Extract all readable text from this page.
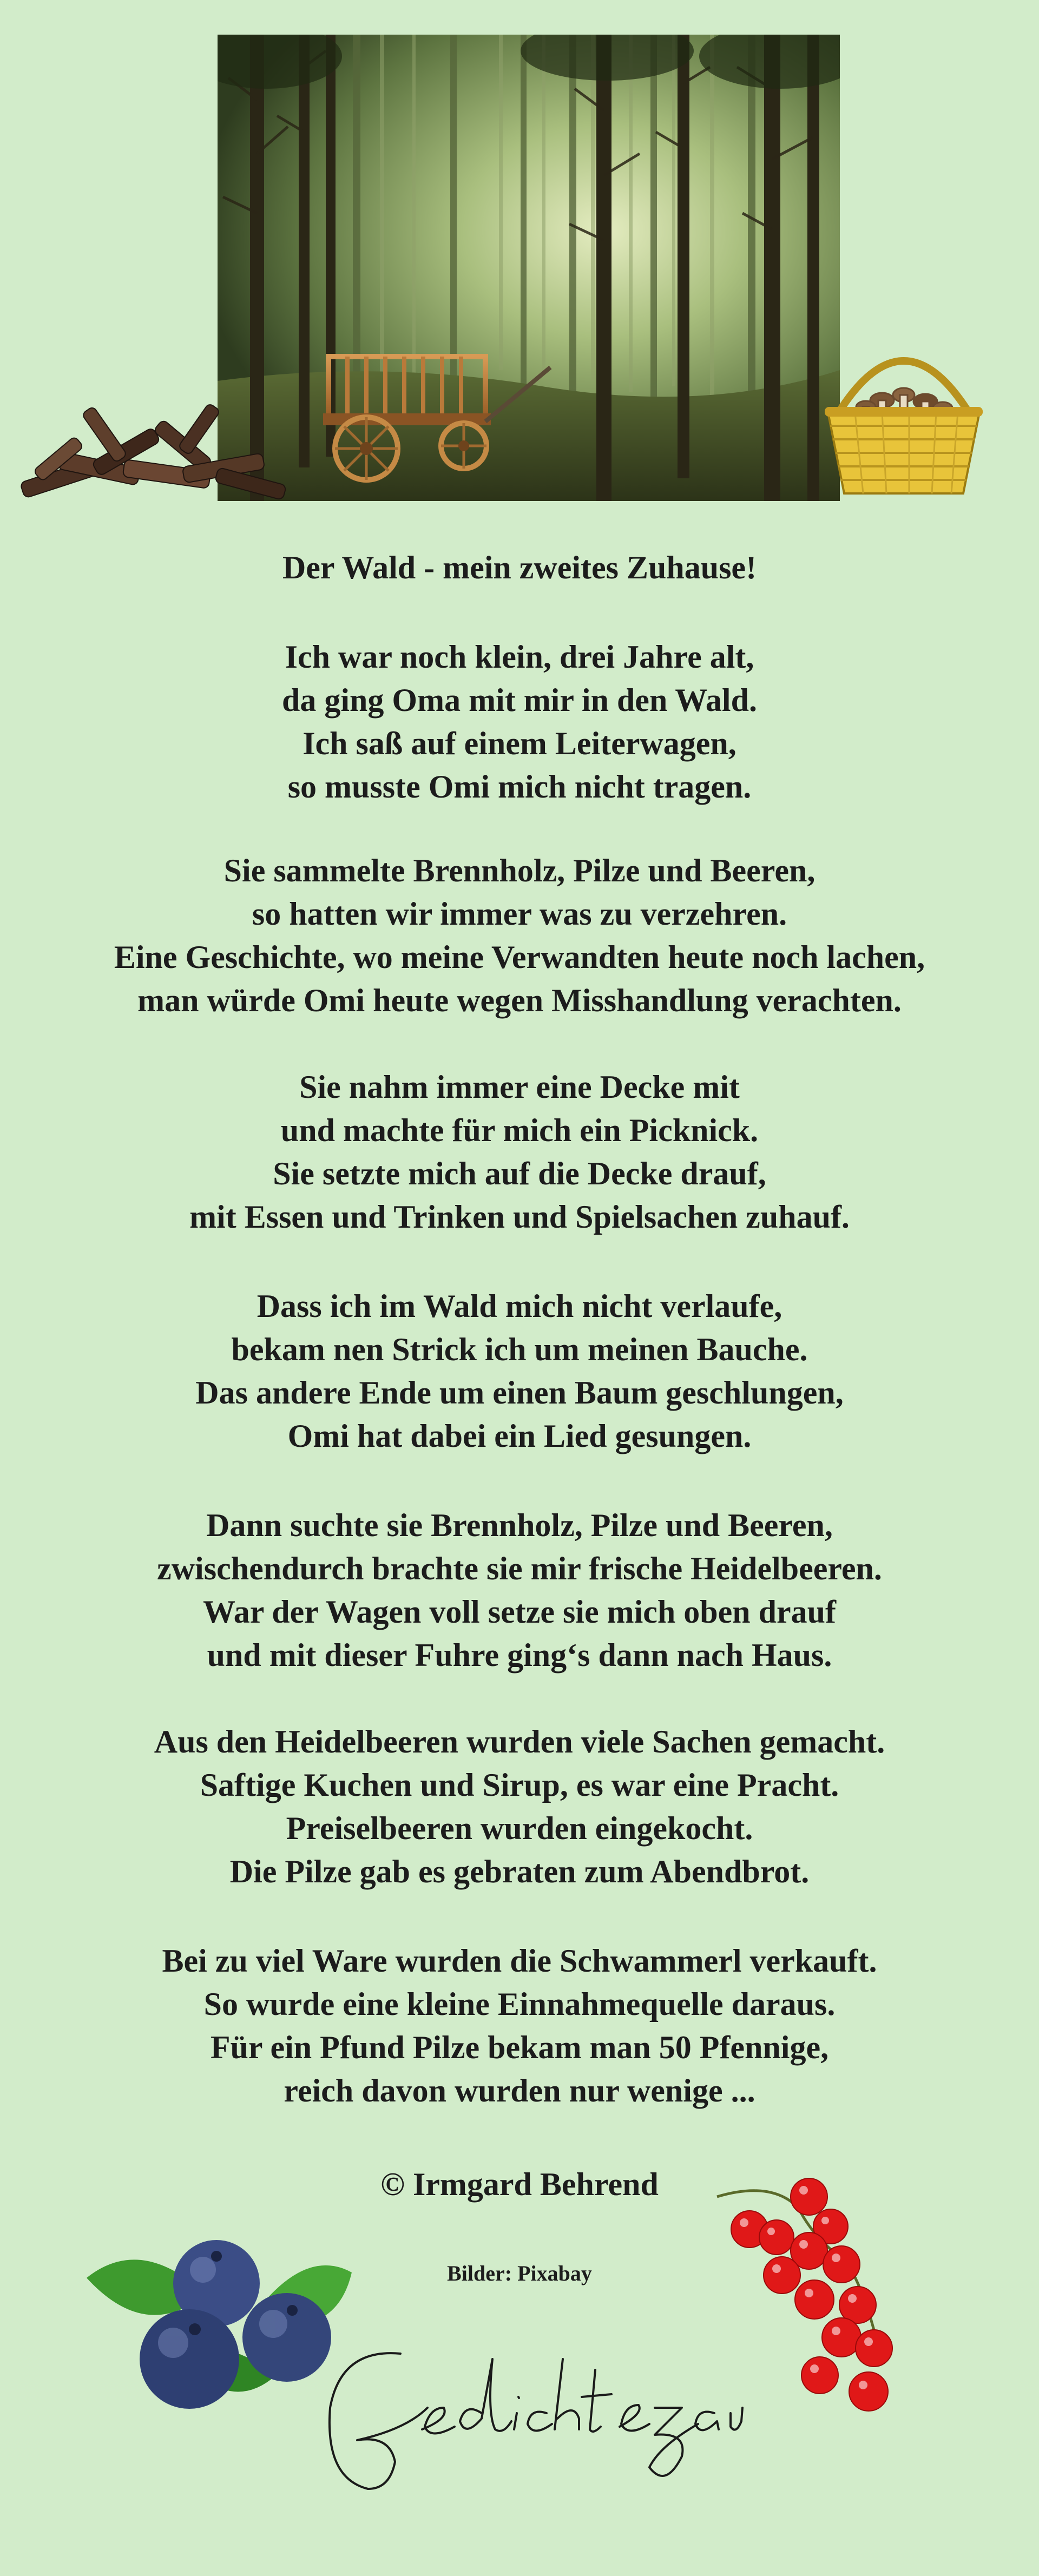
Der Wald - mein zweites Zuhause!
Ich war noch klein, drei Jahre alt,
da ging Oma mit mir in den Wald.
Ich saß auf einem Leiterwagen,
so musste Omi mich nicht tragen.
Sie sammelte Brennholz, Pilze und Beeren,
so hatten wir immer was zu verzehren.
Eine Geschichte, wo meine Verwandten heute noch lachen,
man würde Omi heute wegen Misshandlung verachten.
Sie nahm immer eine Decke mit
und machte für mich ein Picknick.
Sie setzte mich auf die Decke drauf,
mit Essen und Trinken und Spielsachen zuhauf.
Dass ich im Wald mich nicht verlaufe,
bekam nen Strick ich um meinen Bauche.
Das andere Ende um einen Baum geschlungen,
Omi hat dabei ein Lied gesungen.
Dann suchte sie Brennholz, Pilze und Beeren,
zwischendurch brachte sie mir frische Heidelbeeren.
War der Wagen voll setze sie mich oben drauf
und mit dieser Fuhre ging‘s dann nach Haus.
Aus den Heidelbeeren wurden viele Sachen gemacht.
Saftige Kuchen und Sirup, es war eine Pracht.
Preiselbeeren wurden eingekocht.
Die Pilze gab es gebraten zum Abendbrot.
Bei zu viel Ware wurden die Schwammerl verkauft.
So wurde eine kleine Einnahmequelle daraus.
Für ein Pfund Pilze bekam man 50 Pfennige,
reich davon wurden nur wenige ...
© Irmgard Behrend
Bilder: Pixabay
